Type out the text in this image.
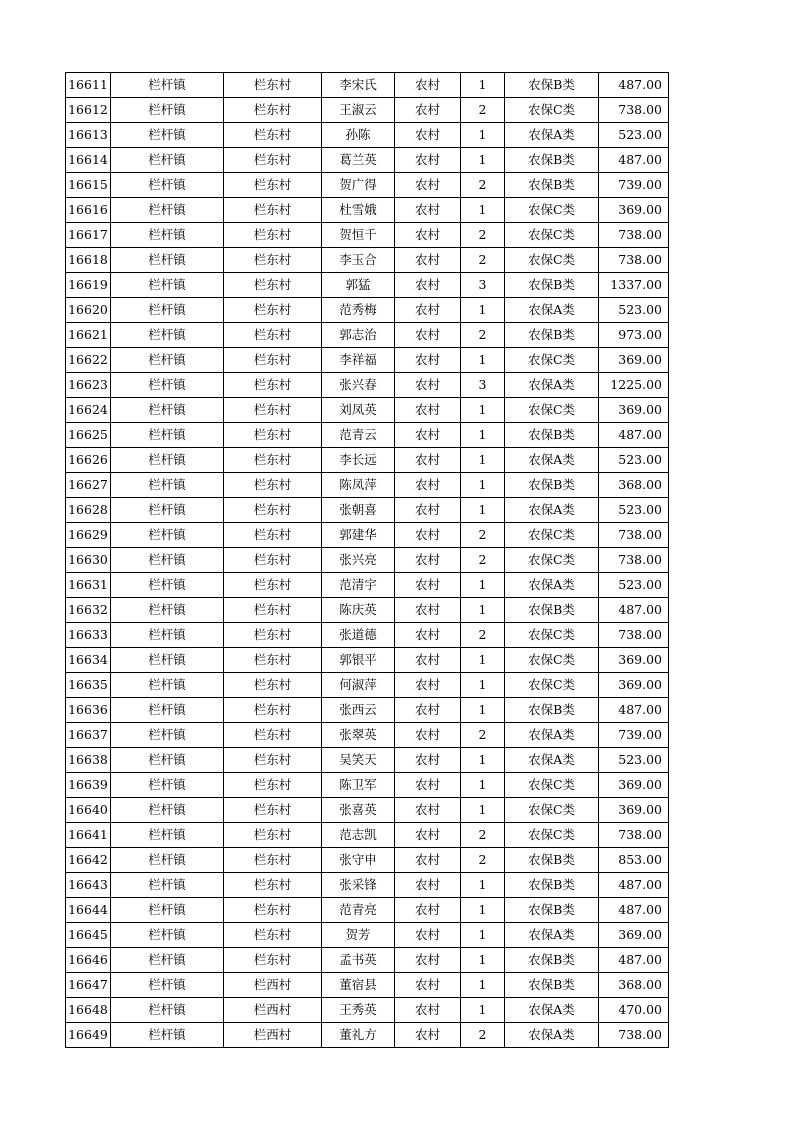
16611	栏杆镇	栏东村	李宋氏	农村	1	农保B类	487.00
16612	栏杆镇	栏东村	王淑云	农村	2	农保C类	738.00
16613	栏杆镇	栏东村	孙陈	农村	1	农保A类	523.00
16614	栏杆镇	栏东村	葛兰英	农村	1	农保B类	487.00
16615	栏杆镇	栏东村	贺广得	农村	2	农保B类	739.00
16616	栏杆镇	栏东村	杜雪娥	农村	1	农保C类	369.00
16617	栏杆镇	栏东村	贺恒千	农村	2	农保C类	738.00
16618	栏杆镇	栏东村	李玉合	农村	2	农保C类	738.00
16619	栏杆镇	栏东村	郭猛	农村	3	农保B类	1337.00
16620	栏杆镇	栏东村	范秀梅	农村	1	农保A类	523.00
16621	栏杆镇	栏东村	郭志治	农村	2	农保B类	973.00
16622	栏杆镇	栏东村	李祥福	农村	1	农保C类	369.00
16623	栏杆镇	栏东村	张兴春	农村	3	农保A类	1225.00
16624	栏杆镇	栏东村	刘凤英	农村	1	农保C类	369.00
16625	栏杆镇	栏东村	范青云	农村	1	农保B类	487.00
16626	栏杆镇	栏东村	李长远	农村	1	农保A类	523.00
16627	栏杆镇	栏东村	陈凤萍	农村	1	农保B类	368.00
16628	栏杆镇	栏东村	张朝喜	农村	1	农保A类	523.00
16629	栏杆镇	栏东村	郭建华	农村	2	农保C类	738.00
16630	栏杆镇	栏东村	张兴亮	农村	2	农保C类	738.00
16631	栏杆镇	栏东村	范清宇	农村	1	农保A类	523.00
16632	栏杆镇	栏东村	陈庆英	农村	1	农保B类	487.00
16633	栏杆镇	栏东村	张道德	农村	2	农保C类	738.00
16634	栏杆镇	栏东村	郭银平	农村	1	农保C类	369.00
16635	栏杆镇	栏东村	何淑萍	农村	1	农保C类	369.00
16636	栏杆镇	栏东村	张西云	农村	1	农保B类	487.00
16637	栏杆镇	栏东村	张翠英	农村	2	农保A类	739.00
16638	栏杆镇	栏东村	吴笑天	农村	1	农保A类	523.00
16639	栏杆镇	栏东村	陈卫军	农村	1	农保C类	369.00
16640	栏杆镇	栏东村	张喜英	农村	1	农保C类	369.00
16641	栏杆镇	栏东村	范志凯	农村	2	农保C类	738.00
16642	栏杆镇	栏东村	张守申	农村	2	农保B类	853.00
16643	栏杆镇	栏东村	张采锋	农村	1	农保B类	487.00
16644	栏杆镇	栏东村	范青亮	农村	1	农保B类	487.00
16645	栏杆镇	栏东村	贺芳	农村	1	农保A类	369.00
16646	栏杆镇	栏东村	孟书英	农村	1	农保B类	487.00
16647	栏杆镇	栏西村	董宿县	农村	1	农保B类	368.00
16648	栏杆镇	栏西村	王秀英	农村	1	农保A类	470.00
16649	栏杆镇	栏西村	董礼方	农村	2	农保A类	738.00
